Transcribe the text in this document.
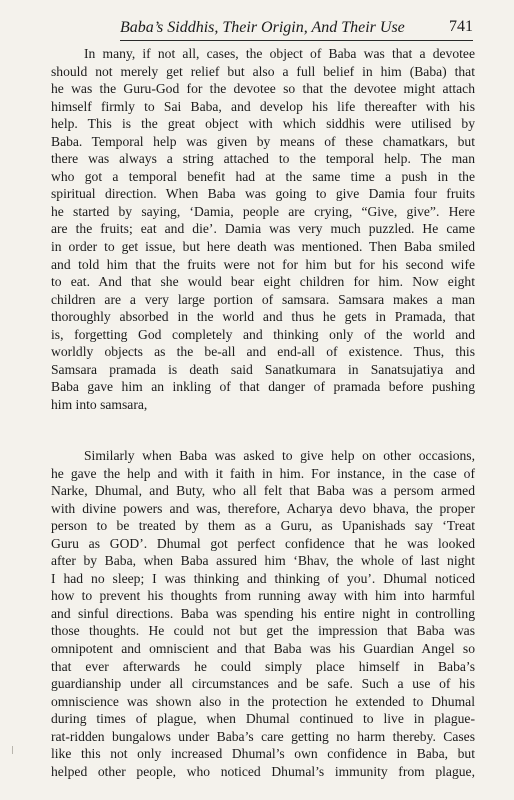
Baba’s Siddhis, Their Origin, And Their Use	741
In many, if not all, cases, the object of Baba was that a devotee
should not merely get relief but also a full belief in him (Baba) that
he was the Guru-God for the devotee so that the devotee might attach
himself firmly to Sai Baba, and develop his life thereafter with his
help. This is the great object with which siddhis were utilised by
Baba. Temporal help was given by means of these chamatkars, but
there was always a string attached to the temporal help. The man
who got a temporal benefit had at the same time a push in the
spiritual direction. When Baba was going to give Damia four fruits
he started by saying, ‘Damia, people are crying, “Give, give”. Here
are the fruits; eat and die’. Damia was very much puzzled. He came
in order to get issue, but here death was mentioned. Then Baba smiled
and told him that the fruits were not for him but for his second wife
to eat. And that she would bear eight children for him. Now eight
children are a very large portion of samsara. Samsara makes a man
thoroughly absorbed in the world and thus he gets in Pramada, that
is, forgetting God completely and thinking only of the world and
worldly objects as the be-all and end-all of existence. Thus, this
Samsara pramada is death said Sanatkumara in Sanatsujatiya and
Baba gave him an inkling of that danger of pramada before pushing
him into samsara,
Similarly when Baba was asked to give help on other occasions,
he gave the help and with it faith in him. For instance, in the case of
Narke, Dhumal, and Buty, who all felt that Baba was a persom armed
with divine powers and was, therefore, Acharya devo bhava, the proper
person to be treated by them as a Guru, as Upanishads say ‘Treat
Guru as GOD’. Dhumal got perfect confidence that he was looked
after by Baba, when Baba assured him ‘Bhav, the whole of last night
I had no sleep; I was thinking and thinking of you’. Dhumal noticed
how to prevent his thoughts from running away with him into harmful
and sinful directions. Baba was spending his entire night in controlling
those thoughts. He could not but get the impression that Baba was
omnipotent and omniscient and that Baba was his Guardian Angel so
that ever afterwards he could simply place himself in Baba’s
guardianship under all circumstances and be safe. Such a use of his
omniscience was shown also in the protection he extended to Dhumal
during times of plague, when Dhumal continued to live in plague-
rat-ridden bungalows under Baba’s care getting no harm thereby. Cases
like this not only increased Dhumal’s own confidence in Baba, but
helped other people, who noticed Dhumal’s immunity from plague,
